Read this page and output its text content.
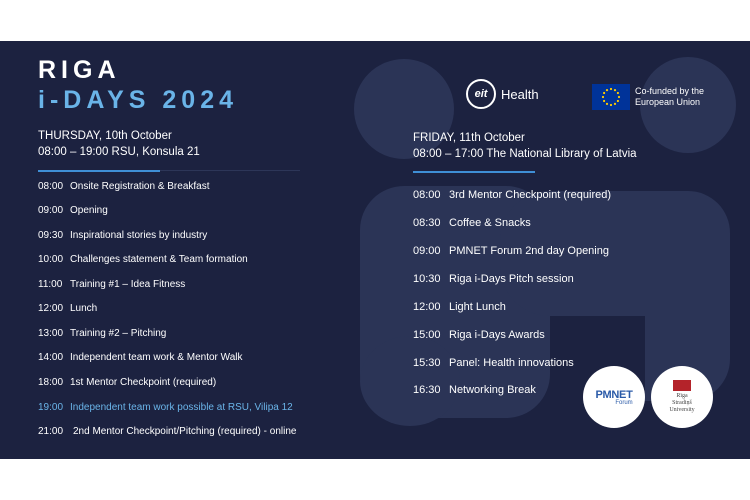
RIGA
i-DAYS 2024
THURSDAY, 10th October
08:00 – 19:00 RSU, Konsula 21
08:00 Onsite Registration & Breakfast
09:00 Opening
09:30 Inspirational stories by industry
10:00 Challenges statement & Team formation
11:00 Training #1 – Idea Fitness
12:00 Lunch
13:00 Training #2 – Pitching
14:00 Independent team work & Mentor Walk
18:00 1st Mentor Checkpoint (required)
19:00 Independent team work possible at RSU, Vilipa 12
21:00 2nd Mentor Checkpoint/Pitching (required) - online
eit	Health	Co-funded by the
European Union
FRIDAY, 11th October
08:00 – 17:00 The National Library of Latvia
08:00 3rd Mentor Checkpoint (required)
08:30 Coffee & Snacks
09:00 PMNET Forum 2nd day Opening
10:30 Riga i-Days Pitch session
12:00 Light Lunch
15:00 Riga i-Days Awards
15:30 Panel: Health innovations
16:30 Networking Break	PMNET
Forum
Rīga
Stradiņš
University
